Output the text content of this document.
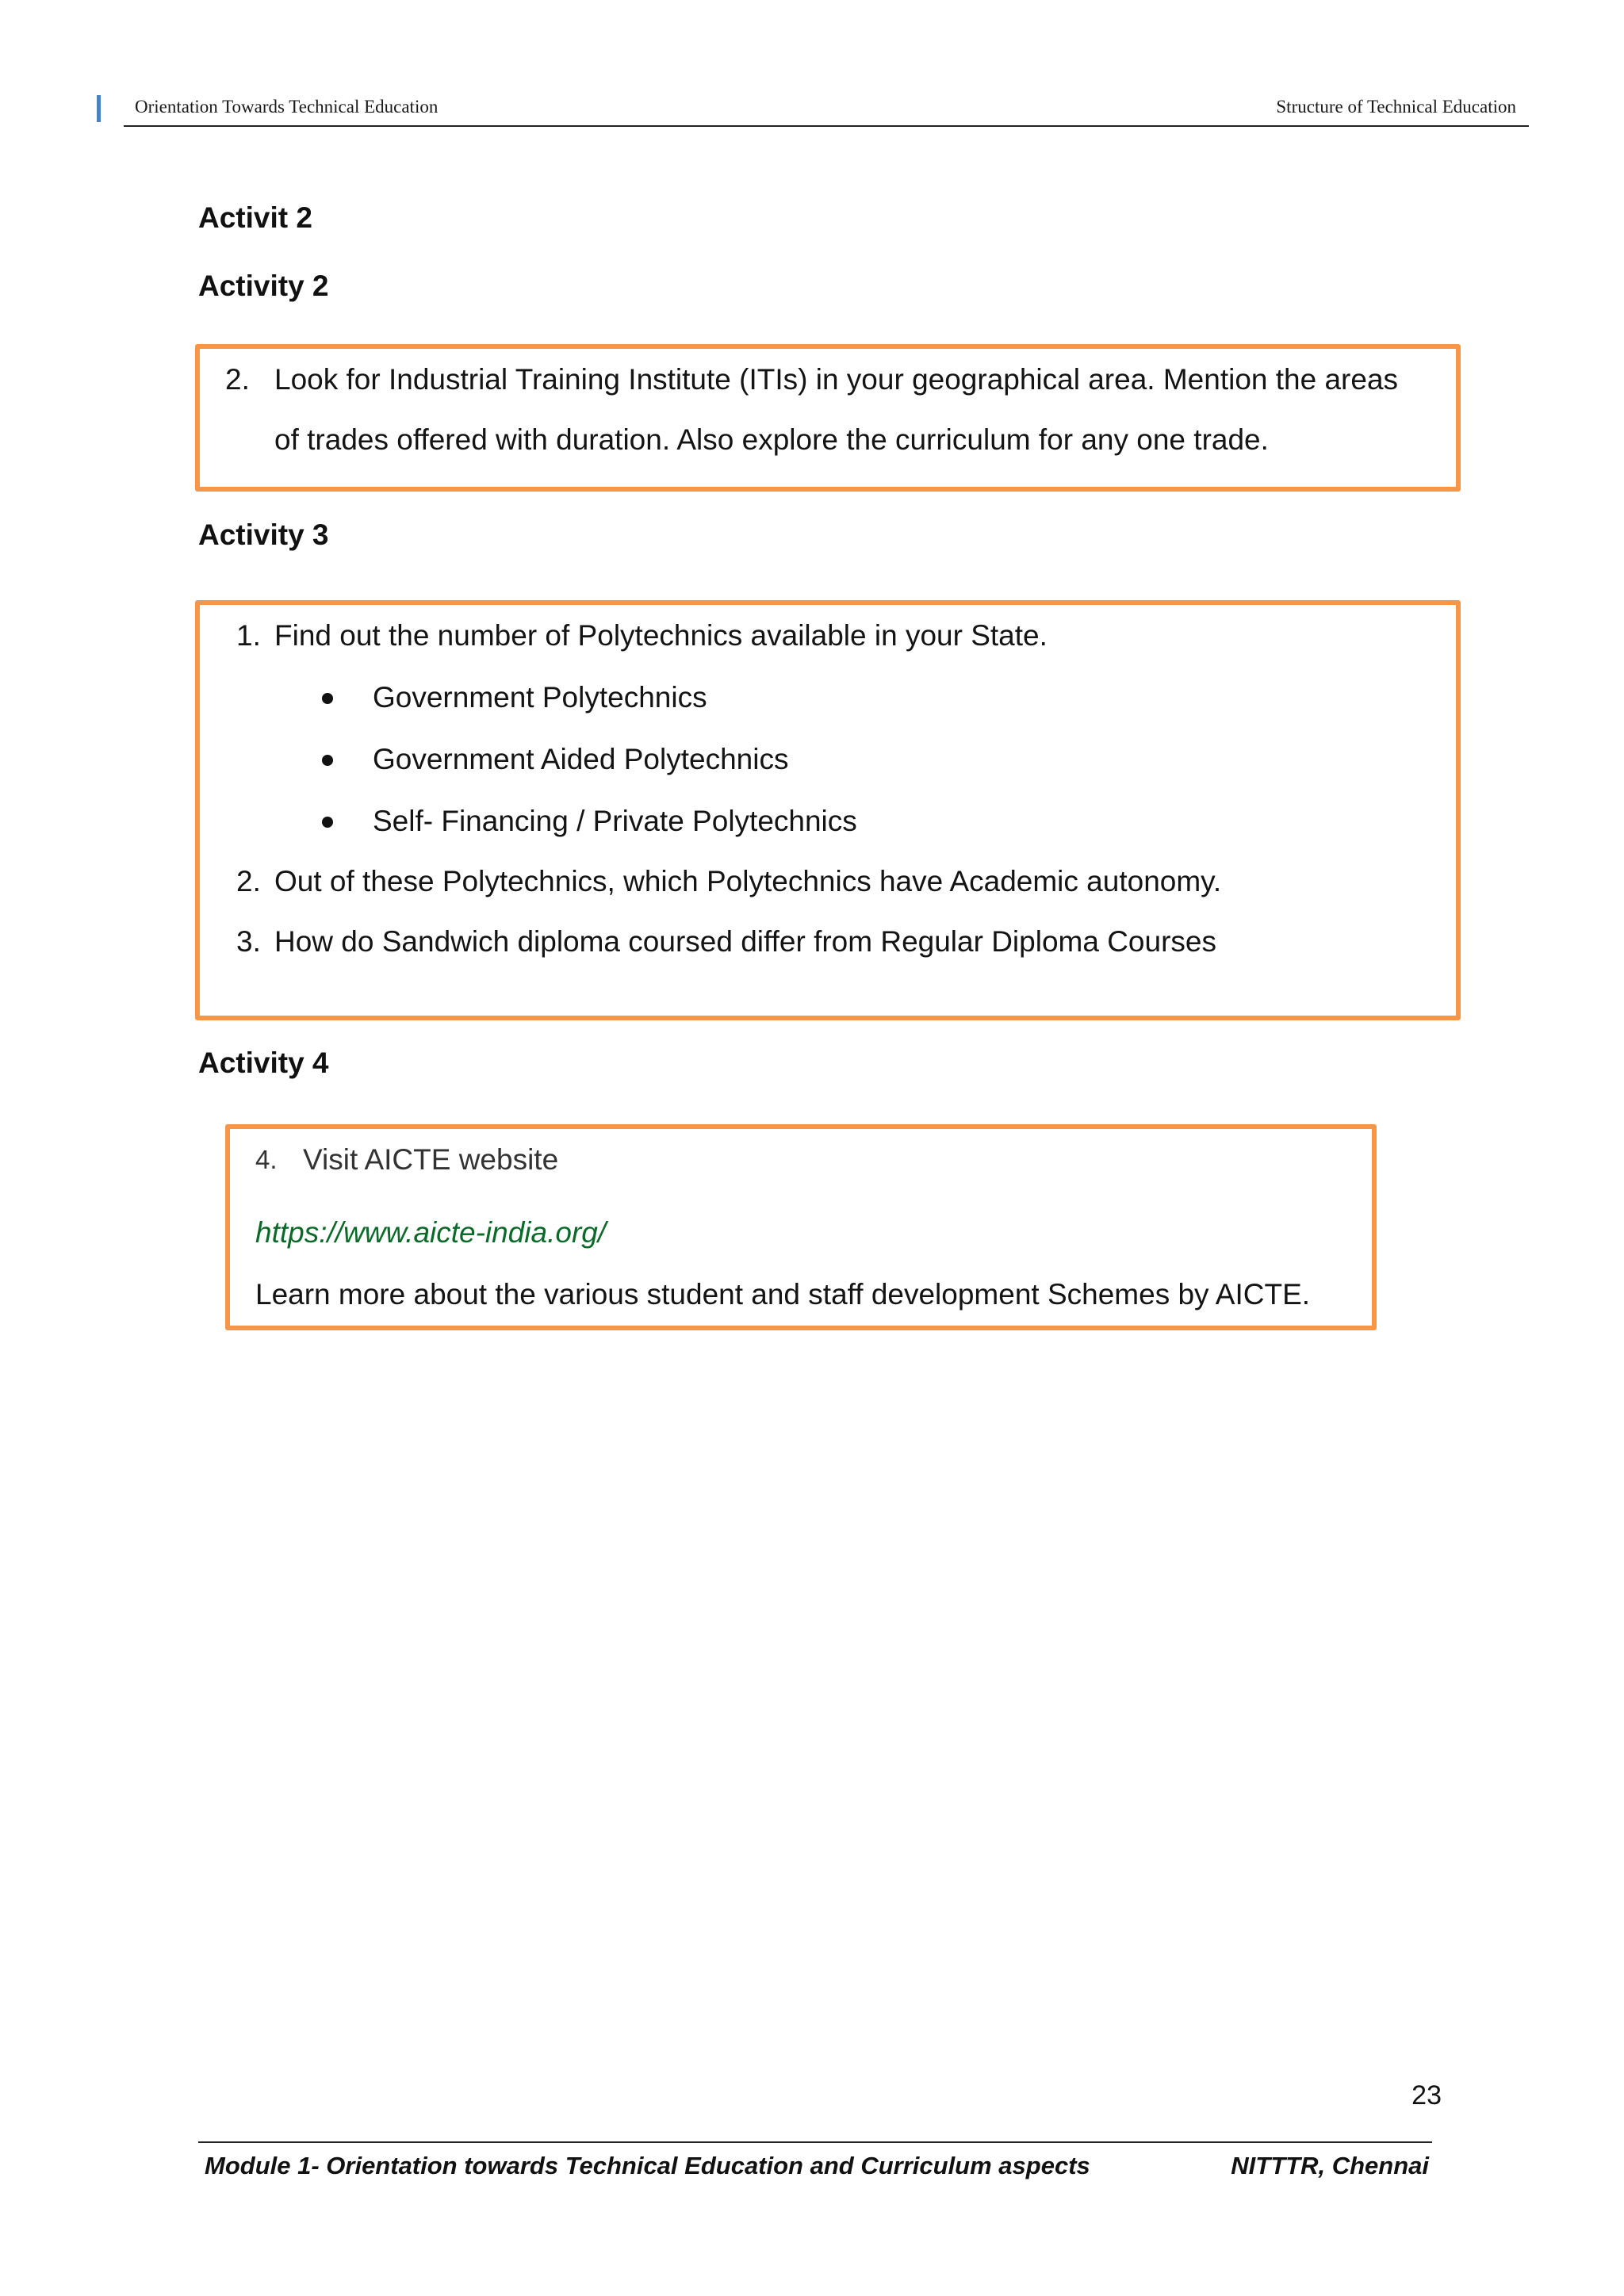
Orientation Towards Technical Education	Structure of Technical Education
Activit 2
Activity 2
2. Look for Industrial Training Institute (ITIs) in your geographical area. Mention the areas
of trades offered with duration. Also explore the curriculum for any one trade.
Activity 3
1. Find out the number of Polytechnics available in your State.
Government Polytechnics
Government Aided Polytechnics
Self- Financing / Private Polytechnics
2. Out of these Polytechnics, which Polytechnics have Academic autonomy.
3. How do Sandwich diploma coursed differ from Regular Diploma Courses
Activity 4
4. Visit AICTE website
https://www.aicte-india.org/
Learn more about the various student and staff development Schemes by AICTE.
23
Module 1- Orientation towards Technical Education and Curriculum aspects	NITTTR, Chennai
